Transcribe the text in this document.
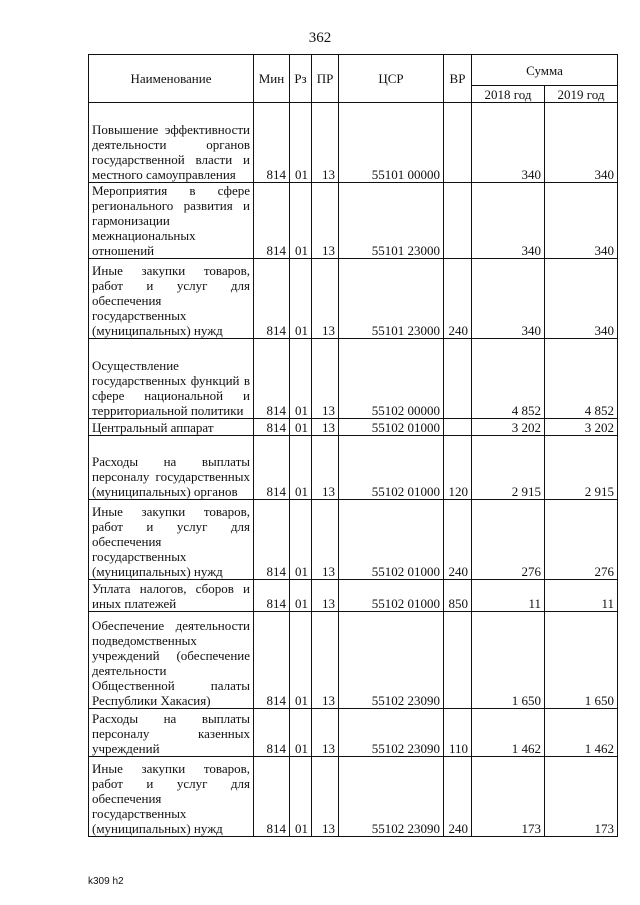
362
Наименование	Мин	Рз	ПР	ЦСР	ВР	Сумма	
						2018 год	2019 год
Повышение эффективности деятельности органов государственной власти и местного самоуправления	814	01	13	55101 00000		340	340
Мероприятия в сфере регионального развития и гармонизации межнациональных отношений	814	01	13	55101 23000		340	340
Иные закупки товаров, работ и услуг для обеспечения государственных (муниципальных) нужд	814	01	13	55101 23000	240	340	340
Осуществление государственных функций в сфере национальной и территориальной политики	814	01	13	55102 00000		4 852	4 852
Центральный аппарат	814	01	13	55102 01000		3 202	3 202
Расходы на выплаты персоналу государственных (муниципальных) органов	814	01	13	55102 01000	120	2 915	2 915
Иные закупки товаров, работ и услуг для обеспечения государственных (муниципальных) нужд	814	01	13	55102 01000	240	276	276
Уплата налогов, сборов и иных платежей	814	01	13	55102 01000	850	11	11
Обеспечение деятельности подведомственных учреждений (обеспечение деятельности Общественной палаты Республики Хакасия)	814	01	13	55102 23090		1 650	1 650
Расходы на выплаты персоналу казенных учреждений	814	01	13	55102 23090	110	1 462	1 462
Иные закупки товаров, работ и услуг для обеспечения государственных (муниципальных) нужд	814	01	13	55102 23090	240	173	173
k309 h2
